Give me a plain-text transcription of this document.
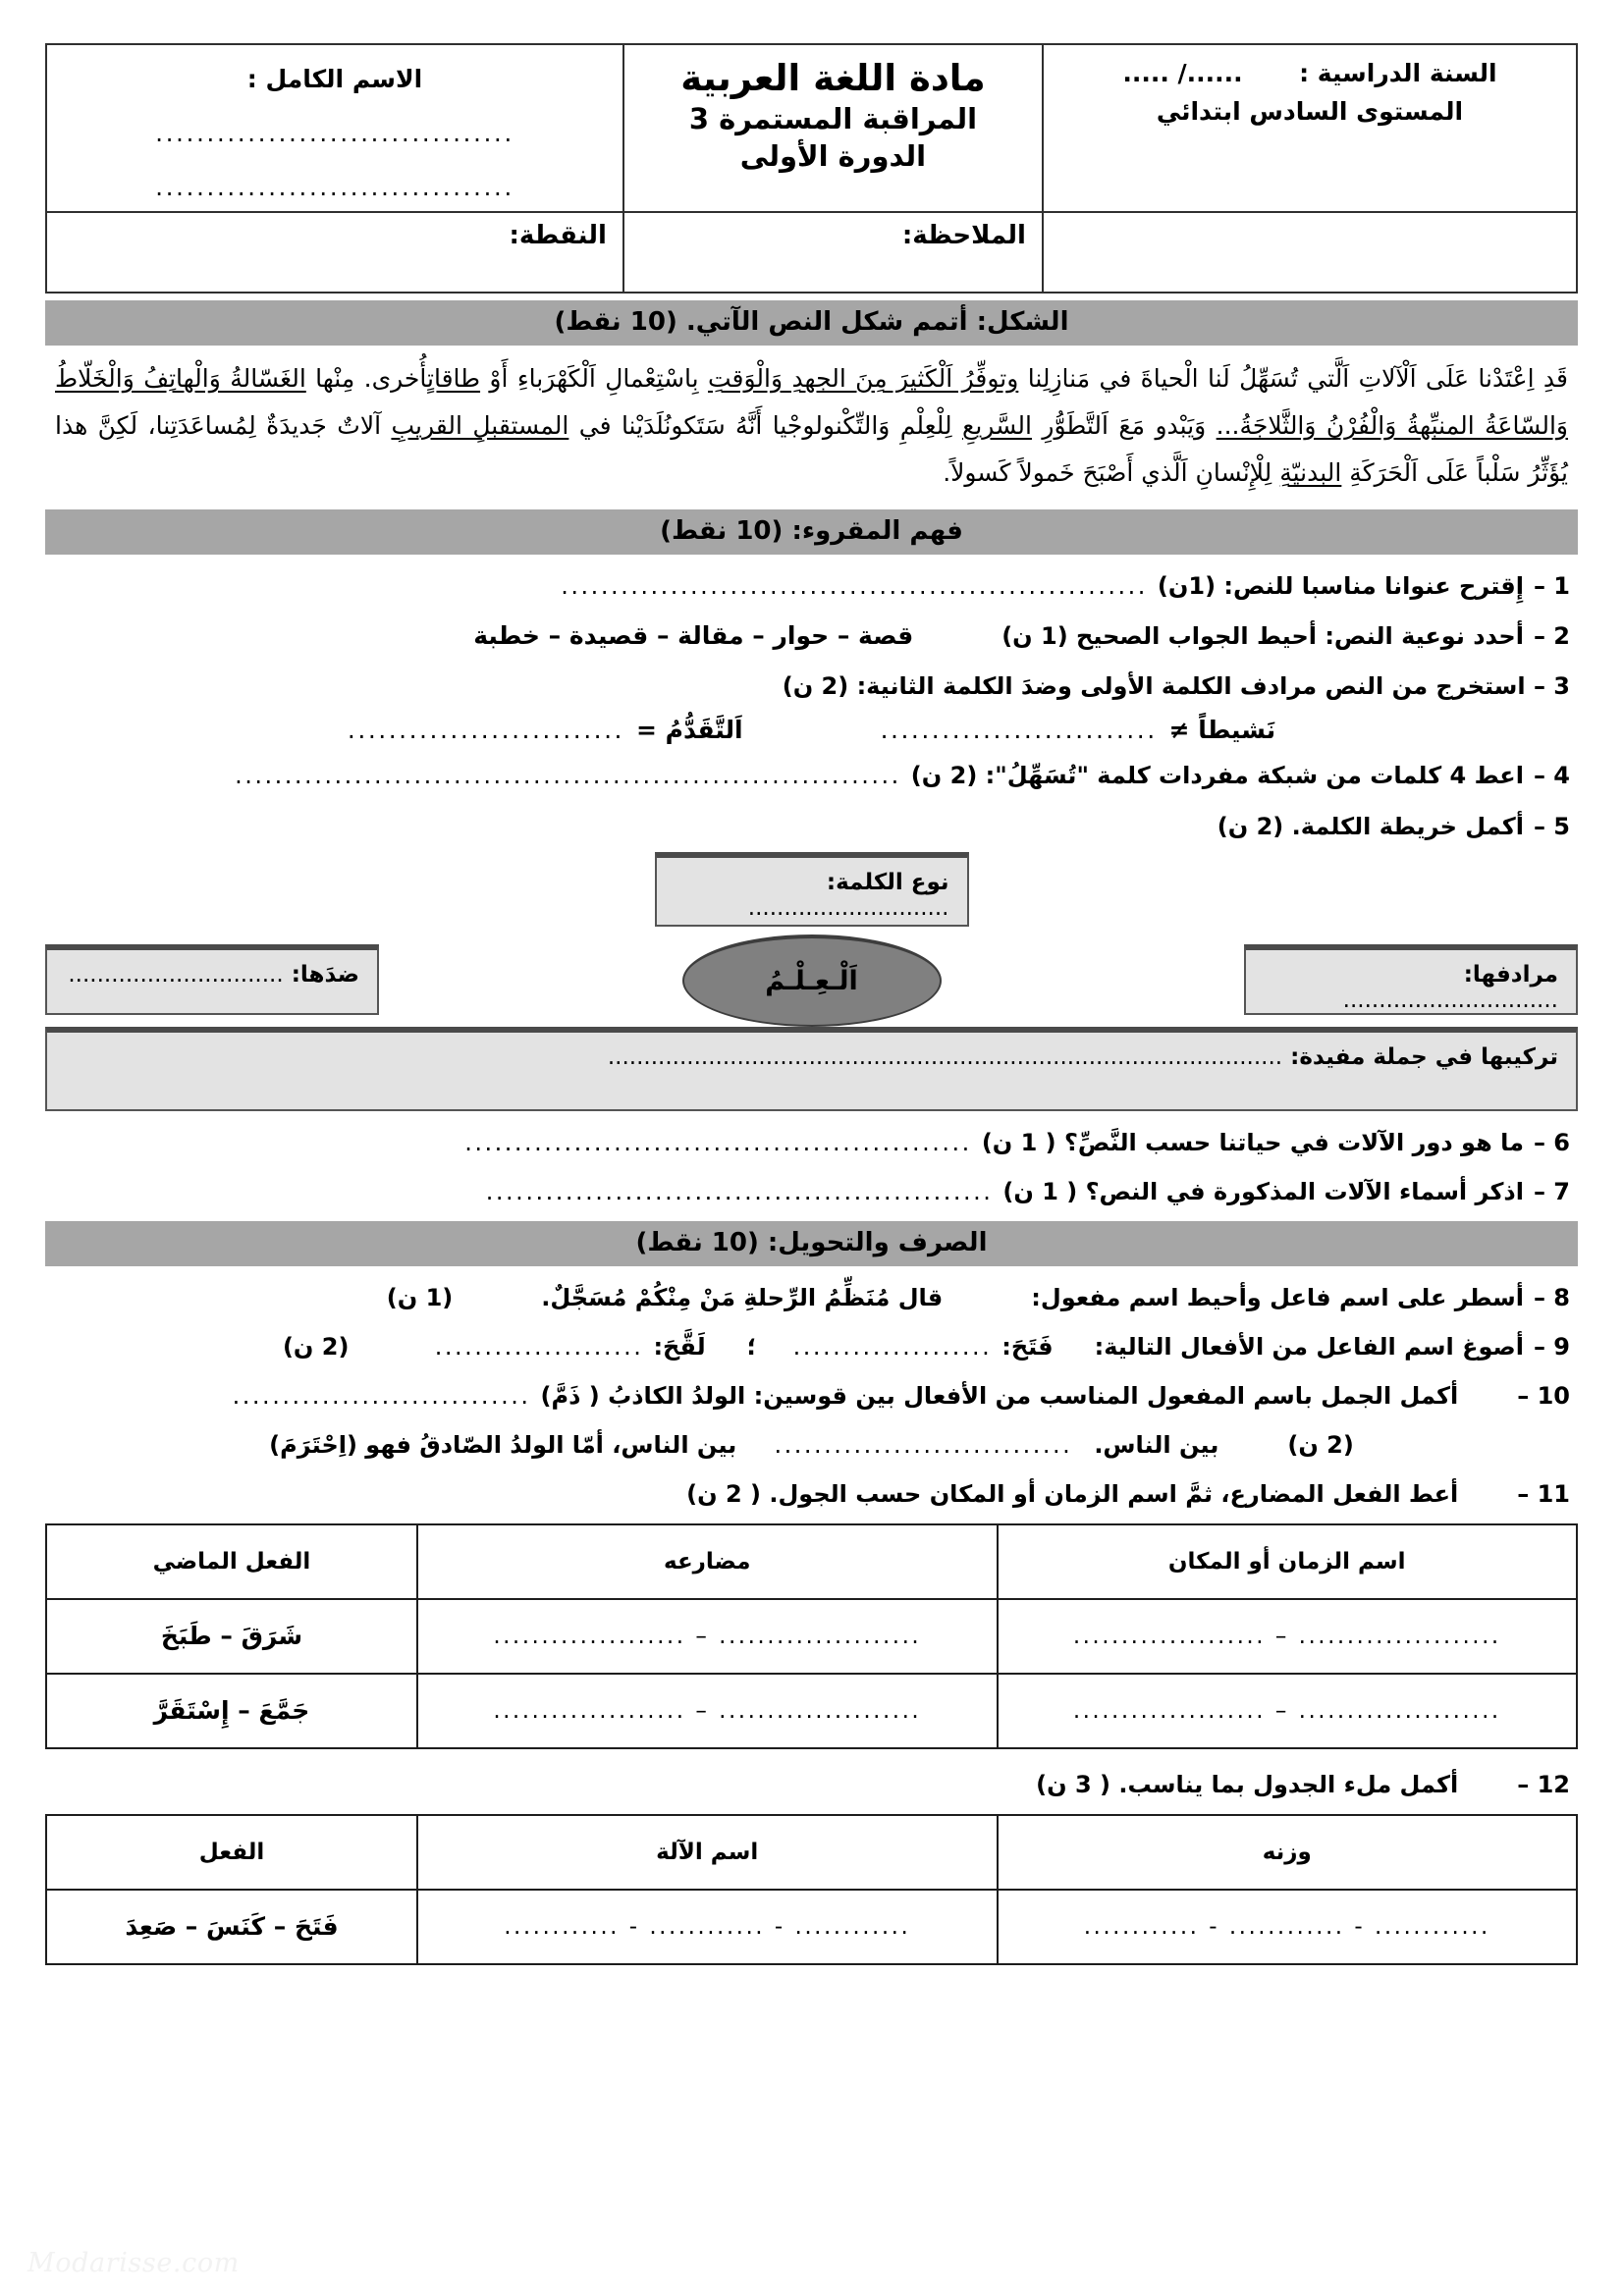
السنة الدراسية :  ....../ .....
المستوى السادس ابتدائي

مادة اللغة العربية
المراقبة المستمرة 3
الدورة الأولى

الاسم الكامل :
...................................
...................................

	الملاحظة:	النقطة:
الشكل: أتمم شكل النص الآتي. (10 نقط)
قَدِ اِعْتَدْنا عَلَى اَلْآلاتِ اَلَّتي تُسَهِّلُ لَنا الْحياةَ في مَنازِلِنا وتوفِّرُ اَلْكَثيرَ مِنَ الجهدِ وَالْوَقتِ بِاسْتِعْمالِ اَلْكَهْرَباءِ أَوْ طاقاتٍأُخرى. مِنْها الغَسّالةُ وَالْهاتِفُ وَالْخَلّاطُ وَالسّاعَةُ المنبِّهةُ وَالْفُرْنُ وَالثَّلاجَةُ... وَيَبْدو مَعَ اَلتَّطَوُّرِ السَّريعِ لِلْعِلْمِ وَالتِّكْنولوجْيا أَنَّهُ سَتَكونُلَدَيْنا في المستقبلِ القريبِ آلاتٌ جَديدَةٌ لِمُساعَدَتِنا، لَكِنَّ هذا يُؤَثِّرُ سَلْباً عَلَى اَلْحَرَكَةِ البدنيّةِ لِلْإِنْسانِ اَلَّذي أَصْبَحَ خَمولاً كَسولاً.
فهم المقروء: (10 نقط)
1 –
إِقترح عنوانا مناسبا للنص: (1ن)
...........................................................
2 –
أحدد نوعية النص: أحيط الجواب الصحيح (1 ن)
قصة – حوار – مقالة – قصيدة – خطبة
3 – استخرج من النص مرادف الكلمة الأولى وضدَ الكلمة الثانية: (2 ن)
نَشيطاً ≠
...........................
اَلتَّقَدُّمُ =
...........................
4 –
اعط 4 كلمات من شبكة مفردات كلمة "تُسَهِّلُ": (2 ن)
...................................................................
5 –
أكمل خريطة الكلمة. (2 ن)
نوع الكلمة: ............................
مرادفها: ..............................
اَلْـعِـلْـمُ
ضدَها: ..............................
تركيبها في جملة مفيدة: ..............................................................................................
6 –
ما هو دور الآلات في حياتنا حسب النَّصِّ؟ ( 1 ن)
...................................................
7 –
اذكر أسماء الآلات المذكورة في النص؟ ( 1 ن)
...................................................
الصرف والتحويل: (10 نقط)
8 –
أسطر على اسم فاعل وأحيط اسم مفعول:
قال مُنَظِّمُ الرِّحلةِ مَنْ مِنْكُمْ مُسَجَّلٌ.
(1 ن)
9 –
أصوغ اسم الفاعل من الأفعال التالية:
فَتَحَ:
....................
؛
لَقَّحَ:
.....................
(2 ن)
10 –
أكمل الجمل باسم المفعول المناسب من الأفعال بين قوسين: الولدُ الكاذبُ ( ذَمَّ)
..............................
(2 ن)
بين الناس.
..............................
بين الناس، أمّا الولدُ الصّادقُ فهو (اِحْتَرَمَ)
11 –
أعط الفعل المضارع، ثمَّ اسم الزمان أو المكان حسب الجول. ( 2 ن)
اسم الزمان أو المكان	مضارعه	الفعل الماضي
..................... – ....................	..................... – ....................	شَرَقَ – طَبَخَ
..................... – ....................	..................... – ....................	جَمَّعَ – إِسْتَقَرَّ
12 –
أكمل ملء الجدول بما يناسب. ( 3 ن)
وزنه	اسم الآلة	الفعل
............ - ............ - ............	............ - ............ - ............	فَتَحَ – كَنَسَ – صَعِدَ
Modarisse.com
